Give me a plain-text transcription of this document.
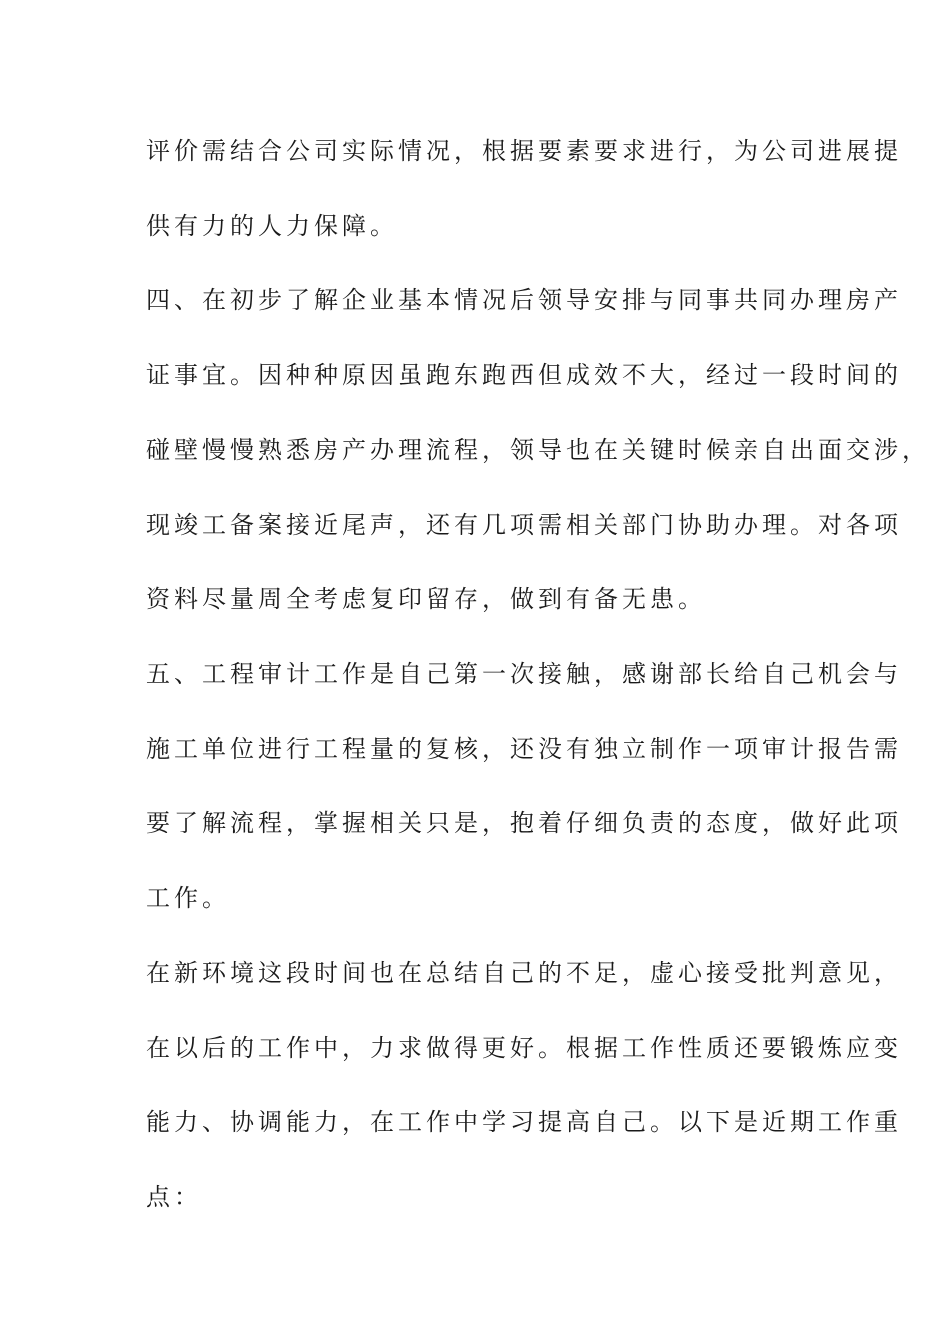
评价需结合公司实际情况，根据要素要求进行，为公司进展提
供有力的人力保障。
四、在初步了解企业基本情况后领导安排与同事共同办理房产
证事宜。因种种原因虽跑东跑西但成效不大，经过一段时间的
碰壁慢慢熟悉房产办理流程，领导也在关键时候亲自出面交涉，
现竣工备案接近尾声，还有几项需相关部门协助办理。对各项
资料尽量周全考虑复印留存，做到有备无患。
五、工程审计工作是自己第一次接触，感谢部长给自己机会与
施工单位进行工程量的复核，还没有独立制作一项审计报告需
要了解流程，掌握相关只是，抱着仔细负责的态度，做好此项
工作。
在新环境这段时间也在总结自己的不足，虚心接受批判意见，
在以后的工作中，力求做得更好。根据工作性质还要锻炼应变
能力、协调能力，在工作中学习提高自己。以下是近期工作重
点：
